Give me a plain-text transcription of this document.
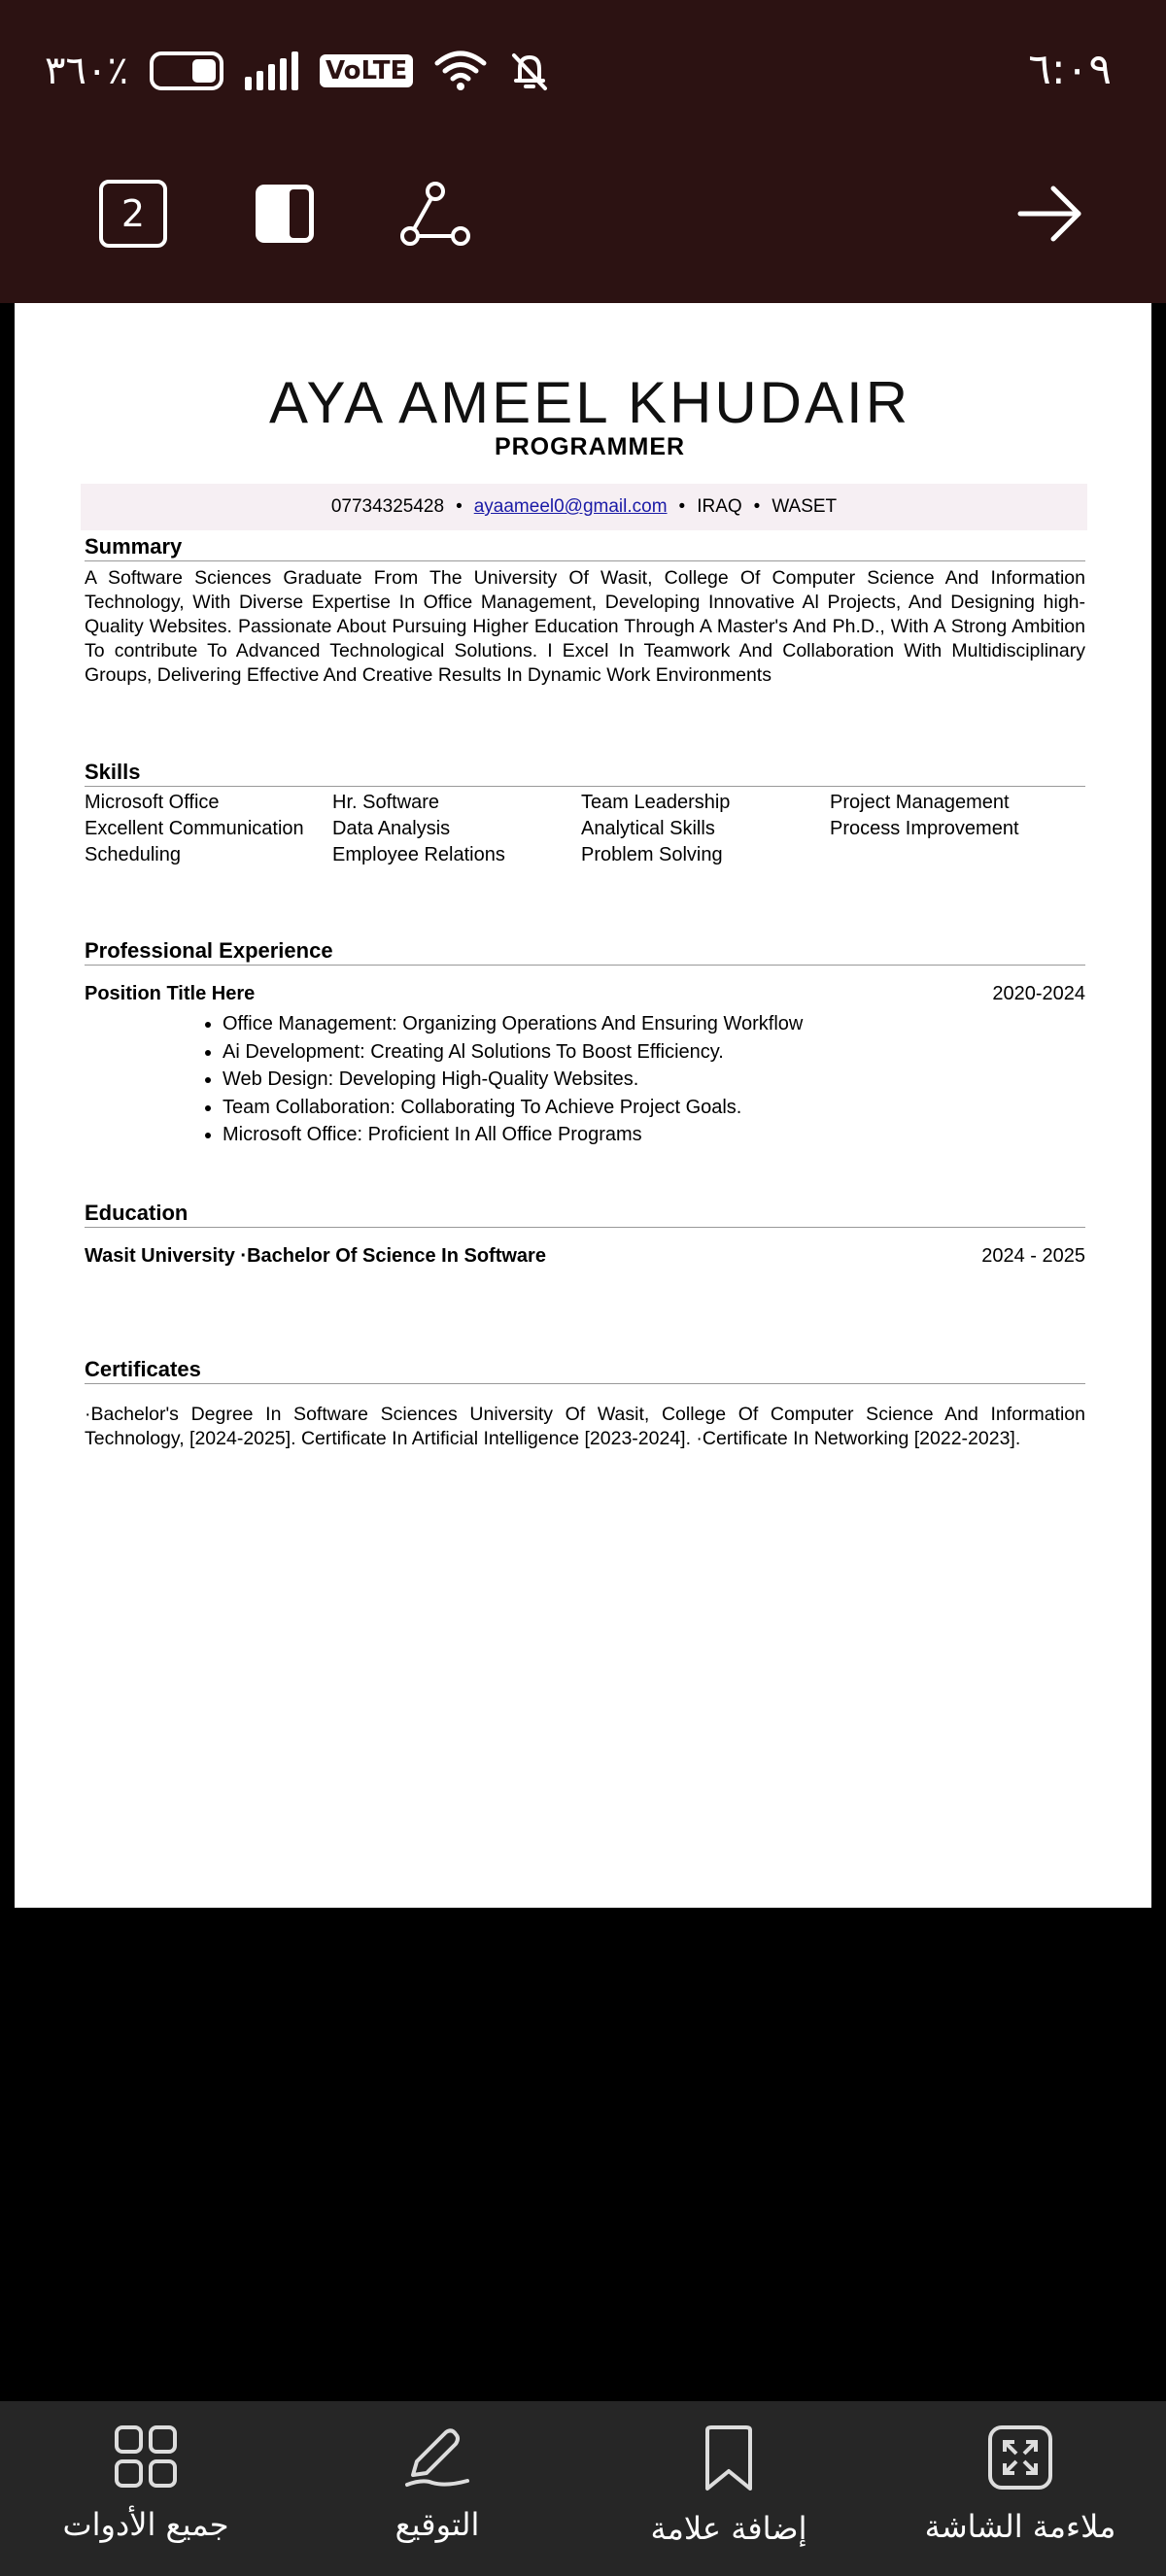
٣٦٠٪	VoLTE	٦:٠٩
2
AYA AMEEL KHUDAIR
PROGRAMMER
07734325428 • ayaameel0@gmail.com • IRAQ • WASET
Summary
A Software Sciences Graduate From The University Of Wasit, College Of Computer Science And Information Technology, With Diverse Expertise In Office Management, Developing Innovative Al Projects, And Designing high-Quality Websites. Passionate About Pursuing Higher Education Through A Master's And Ph.D., With A Strong Ambition To contribute To Advanced Technological Solutions. I Excel In Teamwork And Collaboration With Multidisciplinary Groups, Delivering Effective And Creative Results In Dynamic Work Environments
Skills
Microsoft Office	Hr. Software	Team Leadership	Project Management
Excellent Communication	Data Analysis	Analytical Skills	Process Improvement
Scheduling	Employee Relations	Problem Solving
Professional Experience
Position Title Here	2020-2024
• Office Management: Organizing Operations And Ensuring Workflow
• Ai Development: Creating Al Solutions To Boost Efficiency.
• Web Design: Developing High-Quality Websites.
• Team Collaboration: Collaborating To Achieve Project Goals.
• Microsoft Office: Proficient In All Office Programs
Education
Wasit University ·Bachelor Of Science In Software	2024 - 2025
Certificates
·Bachelor's Degree In Software Sciences University Of Wasit, College Of Computer Science And Information Technology, [2024-2025]. Certificate In Artificial Intelligence [2023-2024]. ·Certificate In Networking [2022-2023].
جميع الأدوات	التوقيع	إضافة علامة	ملاءمة الشاشة
